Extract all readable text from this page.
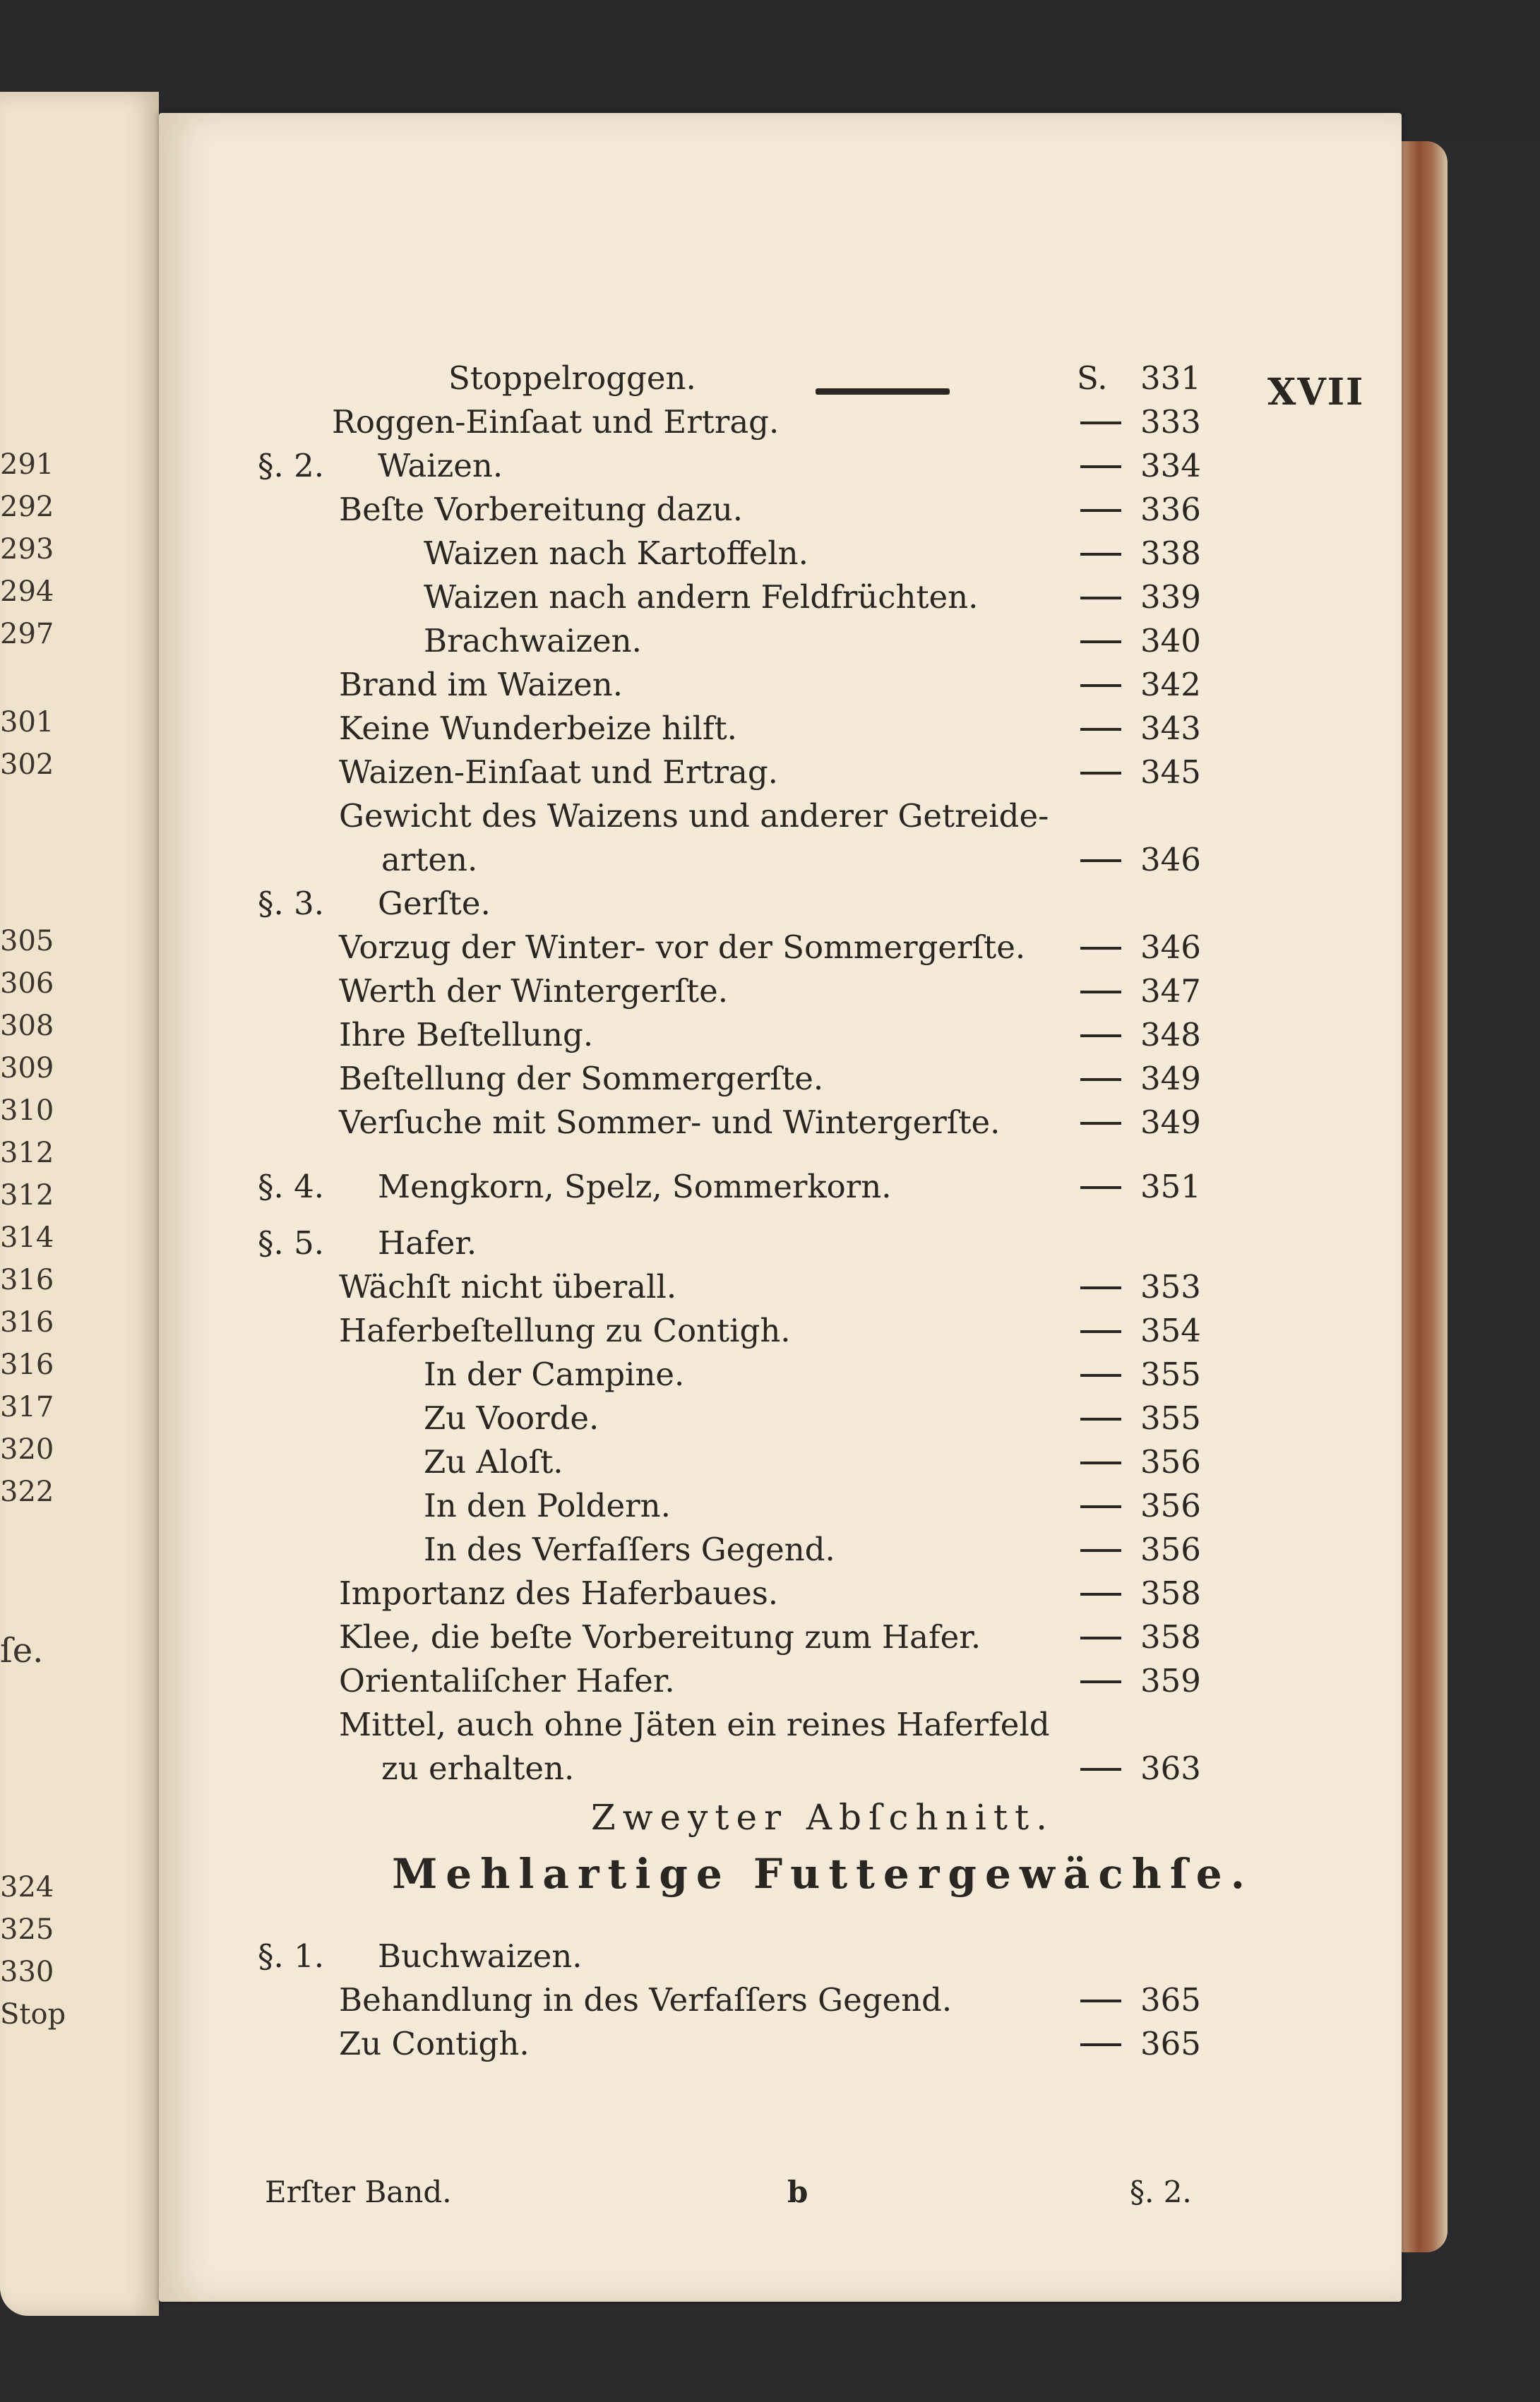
291
292
293
294
297
301
302
305
306
308
309
310
312
312
314
316
316
316
317
320
322
324
325
330
ſe.
Stop
XVII
Stoppelroggen.	S. 331
Roggen‑Einſaat und Ertrag.	333
§. 2. Waizen.	334
Beſte Vorbereitung dazu.	336
Waizen nach Kartoffeln.	338
Waizen nach andern Feldfrüchten.	339
Brachwaizen.	340
Brand im Waizen.	342
Keine Wunderbeize hilft.	343
Waizen‑Einſaat und Ertrag.	345
Gewicht des Waizens und anderer Getreide‑
arten.	346
§. 3. Gerſte.
Vorzug der Winter‑ vor der Sommergerſte.	346
Werth der Wintergerſte.	347
Ihre Beſtellung.	348
Beſtellung der Sommergerſte.	349
Verſuche mit Sommer‑ und Wintergerſte.	349
§. 4. Mengkorn, Spelz, Sommerkorn.	351
§. 5. Hafer.
Wächſt nicht überall.	353
Haferbeſtellung zu Contigh.	354
In der Campine.	355
Zu Voorde.	355
Zu Aloſt.	356
In den Poldern.	356
In des Verfaſſers Gegend.	356
Importanz des Haferbaues.	358
Klee, die beſte Vorbereitung zum Hafer.	358
Orientaliſcher Hafer.	359
Mittel, auch ohne Jäten ein reines Haferfeld
zu erhalten.	363
§. 1. Buchwaizen.
Behandlung in des Verfaſſers Gegend.	365
Zu Contigh.	365
Zweyter Abſchnitt.
Mehlartige Futtergewächſe.
Erſter Band.	b	§. 2.
